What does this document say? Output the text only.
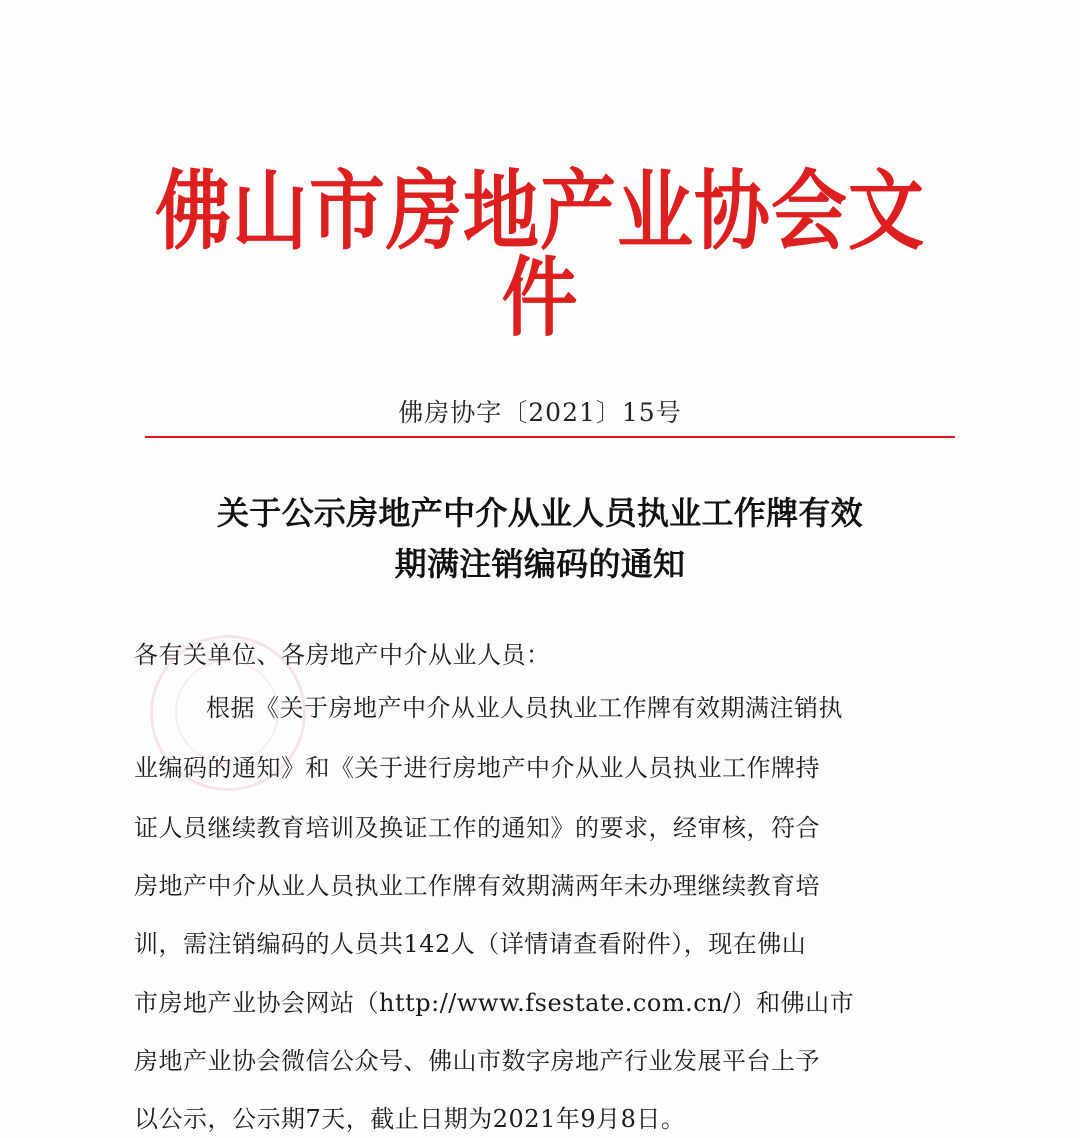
佛山市房地产业协会文件
佛房协字〔2021〕15号
关于公示房地产中介从业人员执业工作牌有效
期满注销编码的通知
各有关单位、各房地产中介从业人员：
根据《关于房地产中介从业人员执业工作牌有效期满注销执
业编码的通知》和《关于进行房地产中介从业人员执业工作牌持
证人员继续教育培训及换证工作的通知》的要求，经审核，符合
房地产中介从业人员执业工作牌有效期满两年未办理继续教育培
训，需注销编码的人员共142人（详情请查看附件），现在佛山
市房地产业协会网站（http://www.fsestate.com.cn/）和佛山市
房地产业协会微信公众号、佛山市数字房地产行业发展平台上予
以公示，公示期7天，截止日期为2021年9月8日。
